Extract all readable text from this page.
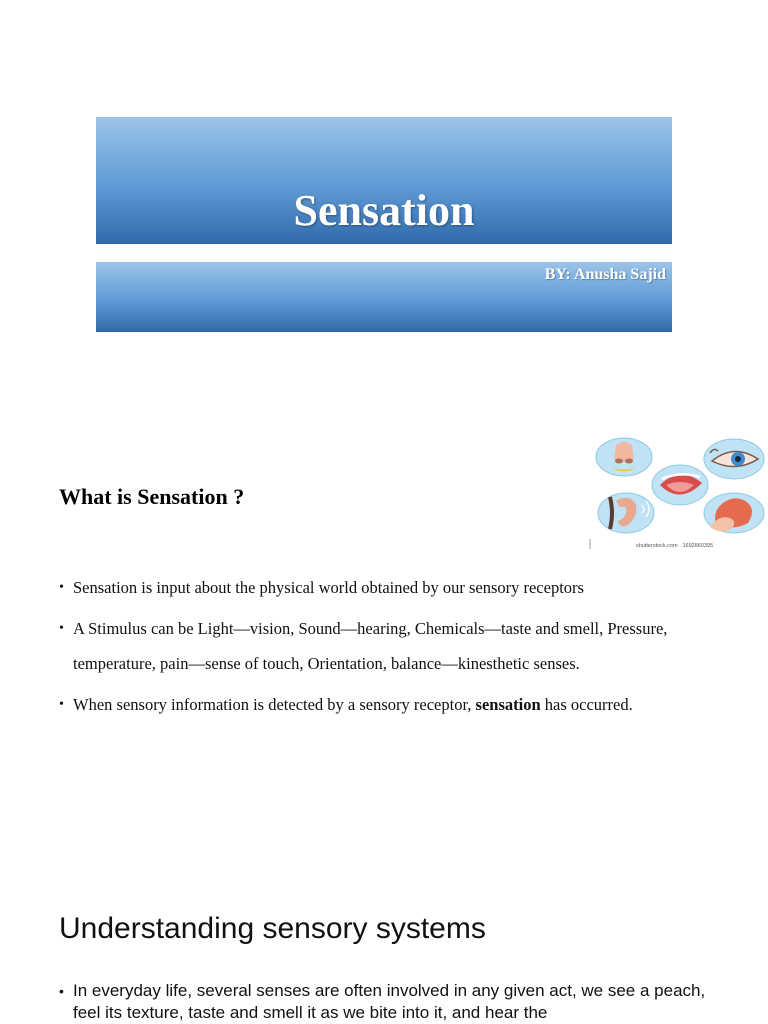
Sensation
BY: Anusha Sajid
What is Sensation ?
shutterstock.com · 1692860395
• Sensation is input about the physical world obtained by our sensory receptors
• A Stimulus can be Light—vision, Sound—hearing, Chemicals—taste and smell, Pressure, temperature, pain—sense of touch, Orientation, balance—kinesthetic senses.
• When sensory information is detected by a sensory receptor, sensation has occurred.
Understanding sensory systems
• In everyday life, several senses are often involved in any given act, we see a peach, feel its texture, taste and smell it as we bite into it, and hear the
